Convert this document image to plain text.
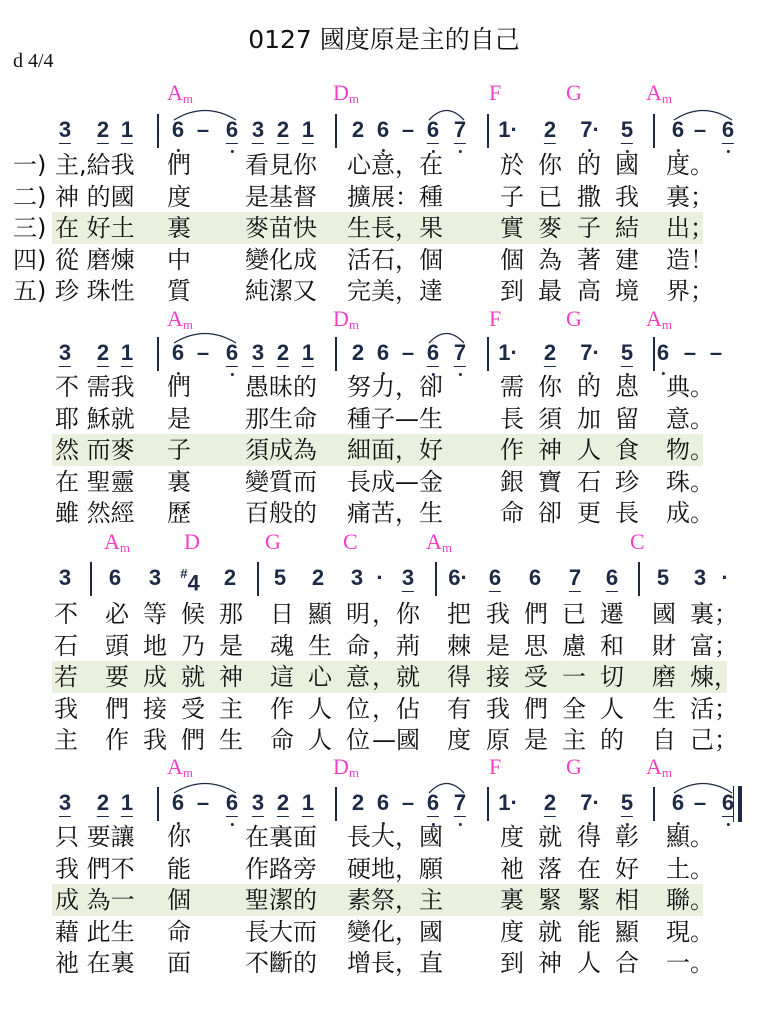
0127 國度原是主的自己
d 4/4
$A_m$	$D_m$	F	G	$A_m$
3 2 1 6 – 6 3 2 1 2 6 – 6 7 1· 2 7· 5 6 – 6
一)
二)
三)
四)
五)
主,給我 們 看見你 心意，在 於 你 的 國 度。
神 的國 度 是基督 擴展：種 子 已 撒 我 裏；
在 好土 裏 麥苗快 生長，果 實 麥 子 結 出；
從 磨煉 中 變化成 活石，個 個 為 著 建 造！
珍 珠性 質 純潔又 完美，達 到 最 高 境 界；
$A_m$	$D_m$	F	G	$A_m$
3 2 1 6 – 6 3 2 1 2 6 – 6 7 1· 2 7· 5 6 – –
不 需我 們 愚昧的 努力，卻 需 你 的 恩 典。
耶 穌就 是 那生命 種子—生 長 須 加 留 意。
然 而麥 子 須成為 細面，好 作 神 人 食 物。
在 聖靈 裏 變質而 長成—金 銀 寶 石 珍 珠。
雖 然經 歷 百般的 痛苦，生 命 卻 更 長 成。
$A_m$ D	G	C	$A_m$	C
3 6 3 #4 2 5 2 3 · 3 6· 6 6 7 6 5 3 ·
不 必 等 候 那 日 顯 明 ，你 把 我 們 已 遷 國 裏；
石 頭 地 乃 是 魂 生 命 ，荊 棘 是 思 慮 和 財 富；
若 要 成 就 神 這 心 意 ，就 得 接 受 一 切 磨 煉，
我 們 接 受 主 作 人 位 ，佔 有 我 們 全 人 生 活；
主 作 我 們 生 命 人 位 —國 度 原 是 主 的 自 己；
$A_m$	$D_m$	F	G	$A_m$
3 2 1 6 – 6 3 2 1 2 6 – 6 7 1· 2 7· 5 6 – 6
只 要讓 你 在裏面 長大，國 度 就 得 彰 顯。
我 們不 能 作路旁 硬地，願 祂 落 在 好 土。
成 為一 個 聖潔的 素祭，主 裏 緊 緊 相 聯。
藉 此生 命 長大而 變化，國 度 就 能 顯 現。
祂 在裏 面 不斷的 增長，直 到 神 人 合 一。
